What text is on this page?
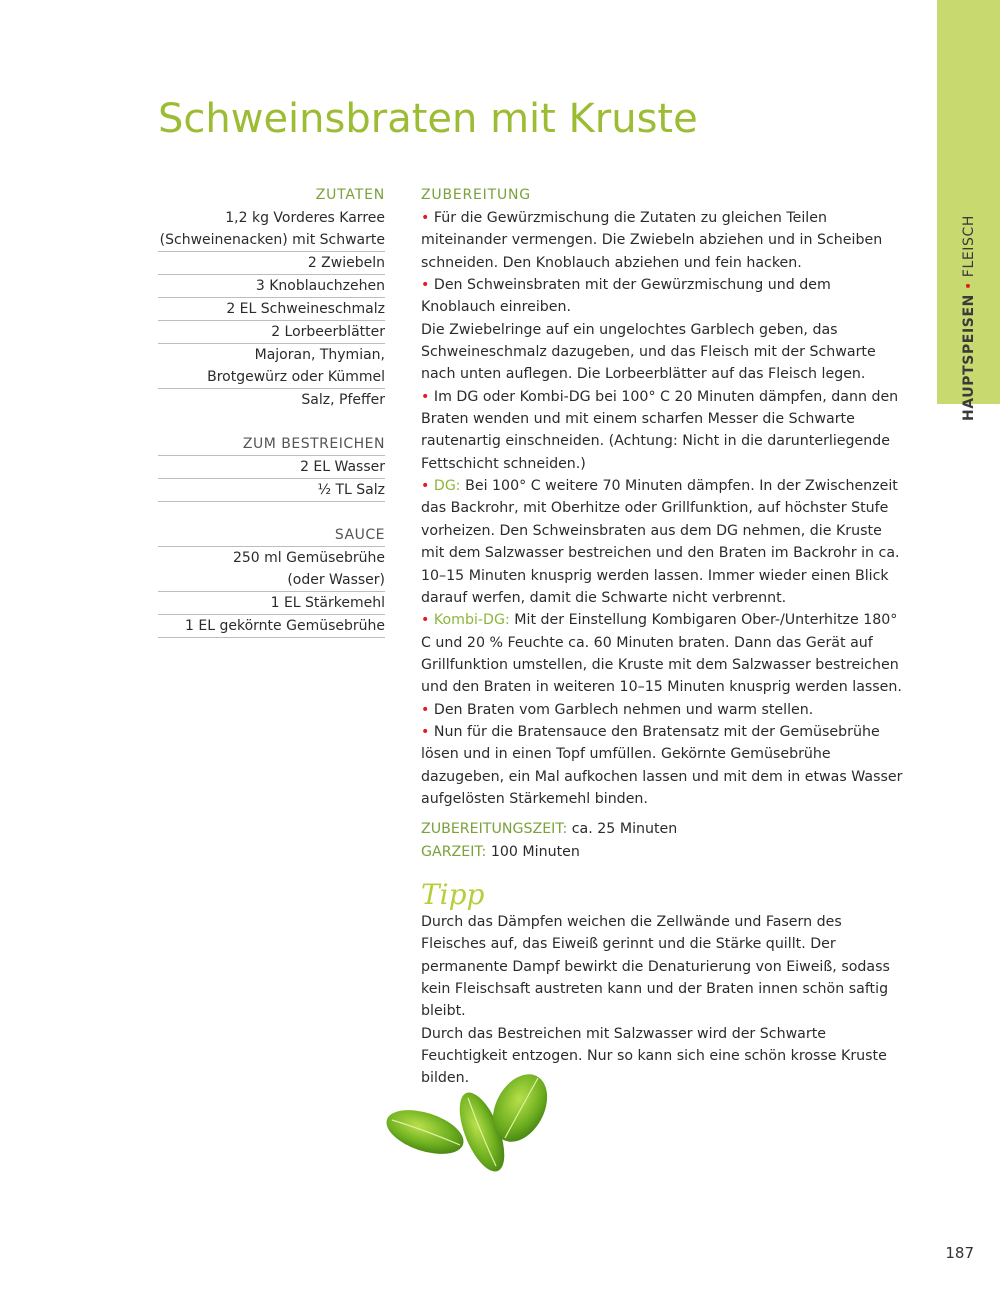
HAUPTSPEISEN•FLEISCH
Schweinsbraten mit Kruste
ZUTATEN
1,2 kg Vorderes Karree
(Schweinenacken) mit Schwarte
2 Zwiebeln
3 Knoblauchzehen
2 EL Schweineschmalz
2 Lorbeerblätter
Majoran, Thymian,
Brotgewürz oder Kümmel
Salz, Pfeffer
ZUM BESTREICHEN
2 EL Wasser
½ TL Salz
SAUCE
250 ml Gemüsebrühe
(oder Wasser)
1 EL Stärkemehl
1 EL gekörnte Gemüsebrühe
ZUBEREITUNG

• Für die Gewürzmischung die Zutaten zu gleichen Teilen miteinander vermengen. Die Zwiebeln abziehen und in Scheiben schneiden. Den Knoblauch abziehen und fein hacken.

• Den Schweinsbraten mit der Gewürzmischung und dem Knoblauch einreiben.

Die Zwiebelringe auf ein ungelochtes Garblech geben, das Schweineschmalz dazugeben, und das Fleisch mit der Schwarte nach unten auflegen. Die Lorbeerblätter auf das Fleisch legen.

• Im DG oder Kombi-DG bei 100° C 20 Minuten dämpfen, dann den Braten wenden und mit einem scharfen Messer die Schwarte rautenartig einschneiden. (Achtung: Nicht in die darunterliegende Fettschicht schneiden.)

• DG: Bei 100° C weitere 70 Minuten dämpfen. In der Zwischenzeit das Backrohr, mit Oberhitze oder Grillfunktion, auf höchster Stufe vorheizen. Den Schweinsbraten aus dem DG nehmen, die Kruste mit dem Salzwasser bestreichen und den Braten im Backrohr in ca. 10–15 Minuten knusprig werden lassen. Immer wieder einen Blick darauf werfen, damit die Schwarte nicht verbrennt.

• Kombi-DG: Mit der Einstellung Kombigaren Ober-/Unterhitze 180° C und 20 % Feuchte ca. 60 Minuten braten. Dann das Gerät auf Grillfunktion umstellen, die Kruste mit dem Salzwasser bestreichen und den Braten in weiteren 10–15 Minuten knusprig werden lassen.

• Den Braten vom Garblech nehmen und warm stellen.

• Nun für die Bratensauce den Bratensatz mit der Gemüsebrühe lösen und in einen Topf umfüllen. Gekörnte Gemüsebrühe dazugeben, ein Mal aufkochen lassen und mit dem in etwas Wasser aufgelösten Stärkemehl binden.

ZUBEREITUNGSZEIT: ca. 25 Minuten
GARZEIT: 100 Minuten
Tipp

Durch das Dämpfen weichen die Zellwände und Fasern des Fleisches auf, das Eiweiß gerinnt und die Stärke quillt. Der permanente Dampf bewirkt die Denaturierung von Eiweiß, sodass kein Fleischsaft austreten kann und der Braten innen schön saftig bleibt.

Durch das Bestreichen mit Salzwasser wird der Schwarte Feuchtigkeit entzogen. Nur so kann sich eine schön krosse Kruste bilden.

187
